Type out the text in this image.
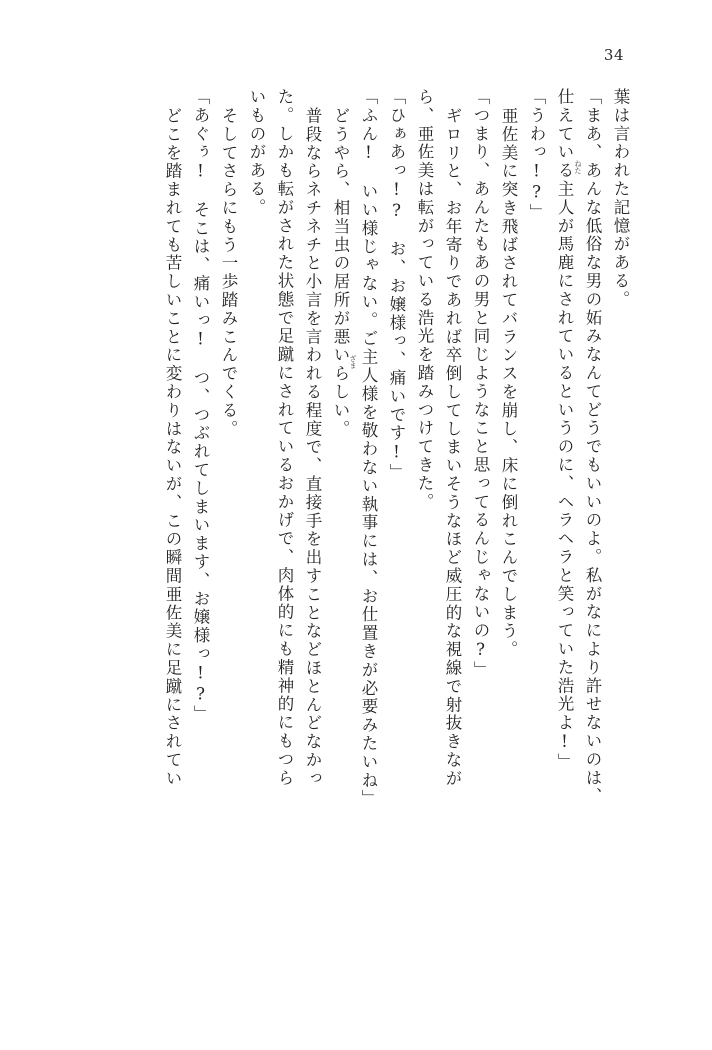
34
葉は言われた記憶がある。
「まあ、あんな低俗な男の妬みなんてどうでもいいのよ。私がなにより許せないのは、
仕えている主人が馬鹿にされているというのに、ヘラヘラと笑っていた浩光よ!」
「うわっ!?」
亜佐美に突き飛ばされてバランスを崩し、床に倒れこんでしまう。
「つまり、あんたもあの男と同じようなこと思ってるんじゃないの?」
ギロリと、お年寄りであれば卒倒してしまいそうなほど威圧的な視線で射抜きなが
ら、亜佐美は転がっている浩光を踏みつけてきた。
「ひぁあっ!?　お、お嬢様っ、痛いです!」
「ふん!　いい様じゃない。ご主人様を敬わない執事には、お仕置きが必要みたいね」
どうやら、相当虫の居所が悪いらしい。
普段ならネチネチと小言を言われる程度で、直接手を出すことなどほとんどなかっ
た。しかも転がされた状態で足蹴にされているおかげで、肉体的にも精神的にもつら
いものがある。
そしてさらにもう一歩踏みこんでくる。
「あぐぅ!　そこは、痛いっ!　つ、つぶれてしまいます、お嬢様っ!?」
どこを踏まれても苦しいことに変わりはないが、この瞬間亜佐美に足蹴にされてい	ねた
ざま
